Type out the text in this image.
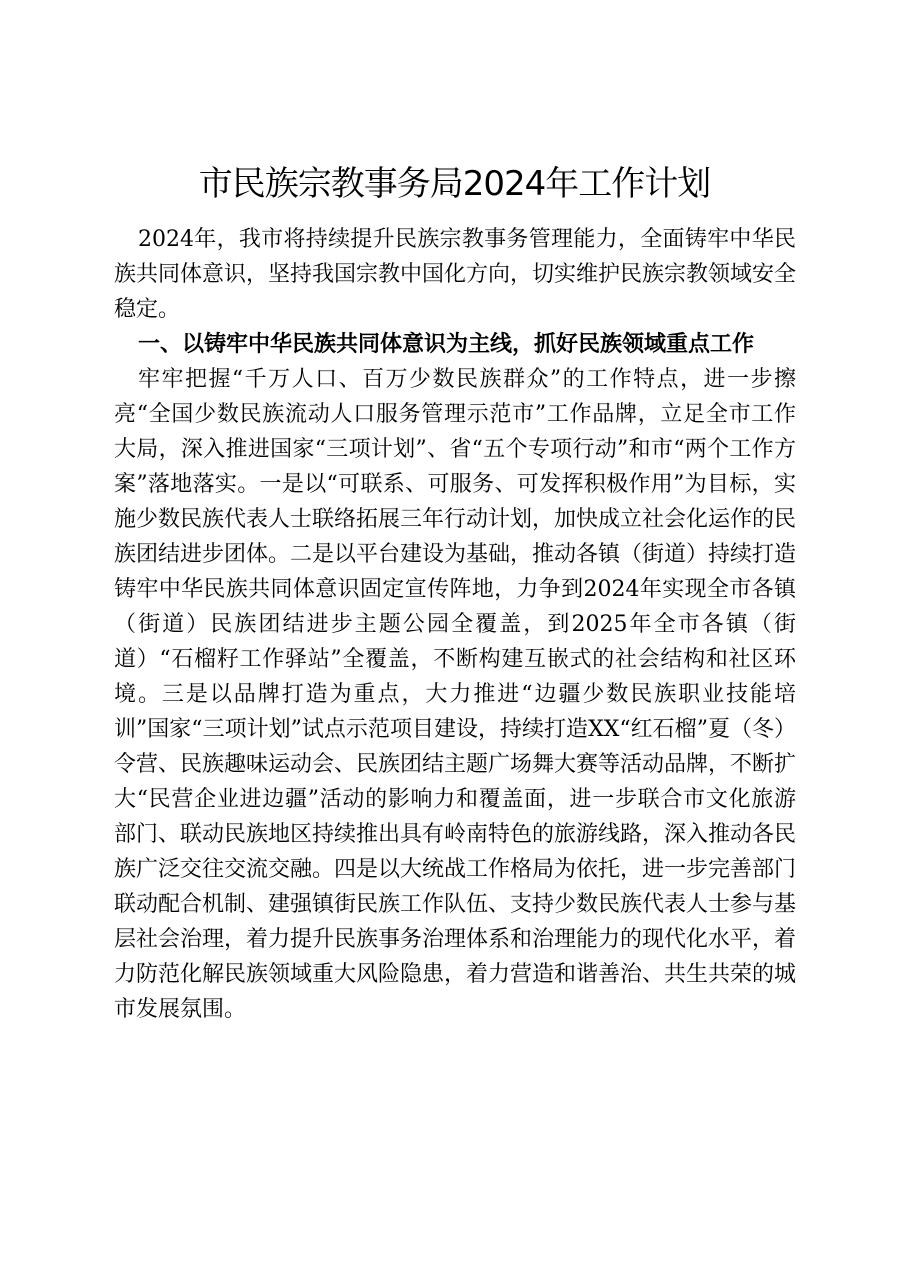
市民族宗教事务局2024年工作计划

2024年，我市将持续提升民族宗教事务管理能力，全面铸牢中华民族共同体意识，坚持我国宗教中国化方向，切实维护民族宗教领域安全稳定。

一、以铸牢中华民族共同体意识为主线，抓好民族领域重点工作

牢牢把握“千万人口、百万少数民族群众”的工作特点，进一步擦亮“全国少数民族流动人口服务管理示范市”工作品牌，立足全市工作大局，深入推进国家“三项计划”、省“五个专项行动”和市“两个工作方案”落地落实。一是以“可联系、可服务、可发挥积极作用”为目标，实施少数民族代表人士联络拓展三年行动计划，加快成立社会化运作的民族团结进步团体。二是以平台建设为基础，推动各镇（街道）持续打造铸牢中华民族共同体意识固定宣传阵地，力争到2024年实现全市各镇（街道）民族团结进步主题公园全覆盖，到2025年全市各镇（街道）“石榴籽工作驿站”全覆盖，不断构建互嵌式的社会结构和社区环境。三是以品牌打造为重点，大力推进“边疆少数民族职业技能培训”国家“三项计划”试点示范项目建设，持续打造XX“红石榴”夏（冬）令营、民族趣味运动会、民族团结主题广场舞大赛等活动品牌，不断扩大“民营企业进边疆”活动的影响力和覆盖面，进一步联合市文化旅游部门、联动民族地区持续推出具有岭南特色的旅游线路，深入推动各民族广泛交往交流交融。四是以大统战工作格局为依托，进一步完善部门联动配合机制、建强镇街民族工作队伍、支持少数民族代表人士参与基层社会治理，着力提升民族事务治理体系和治理能力的现代化水平，着力防范化解民族领域重大风险隐患，着力营造和谐善治、共生共荣的城市发展氛围。
